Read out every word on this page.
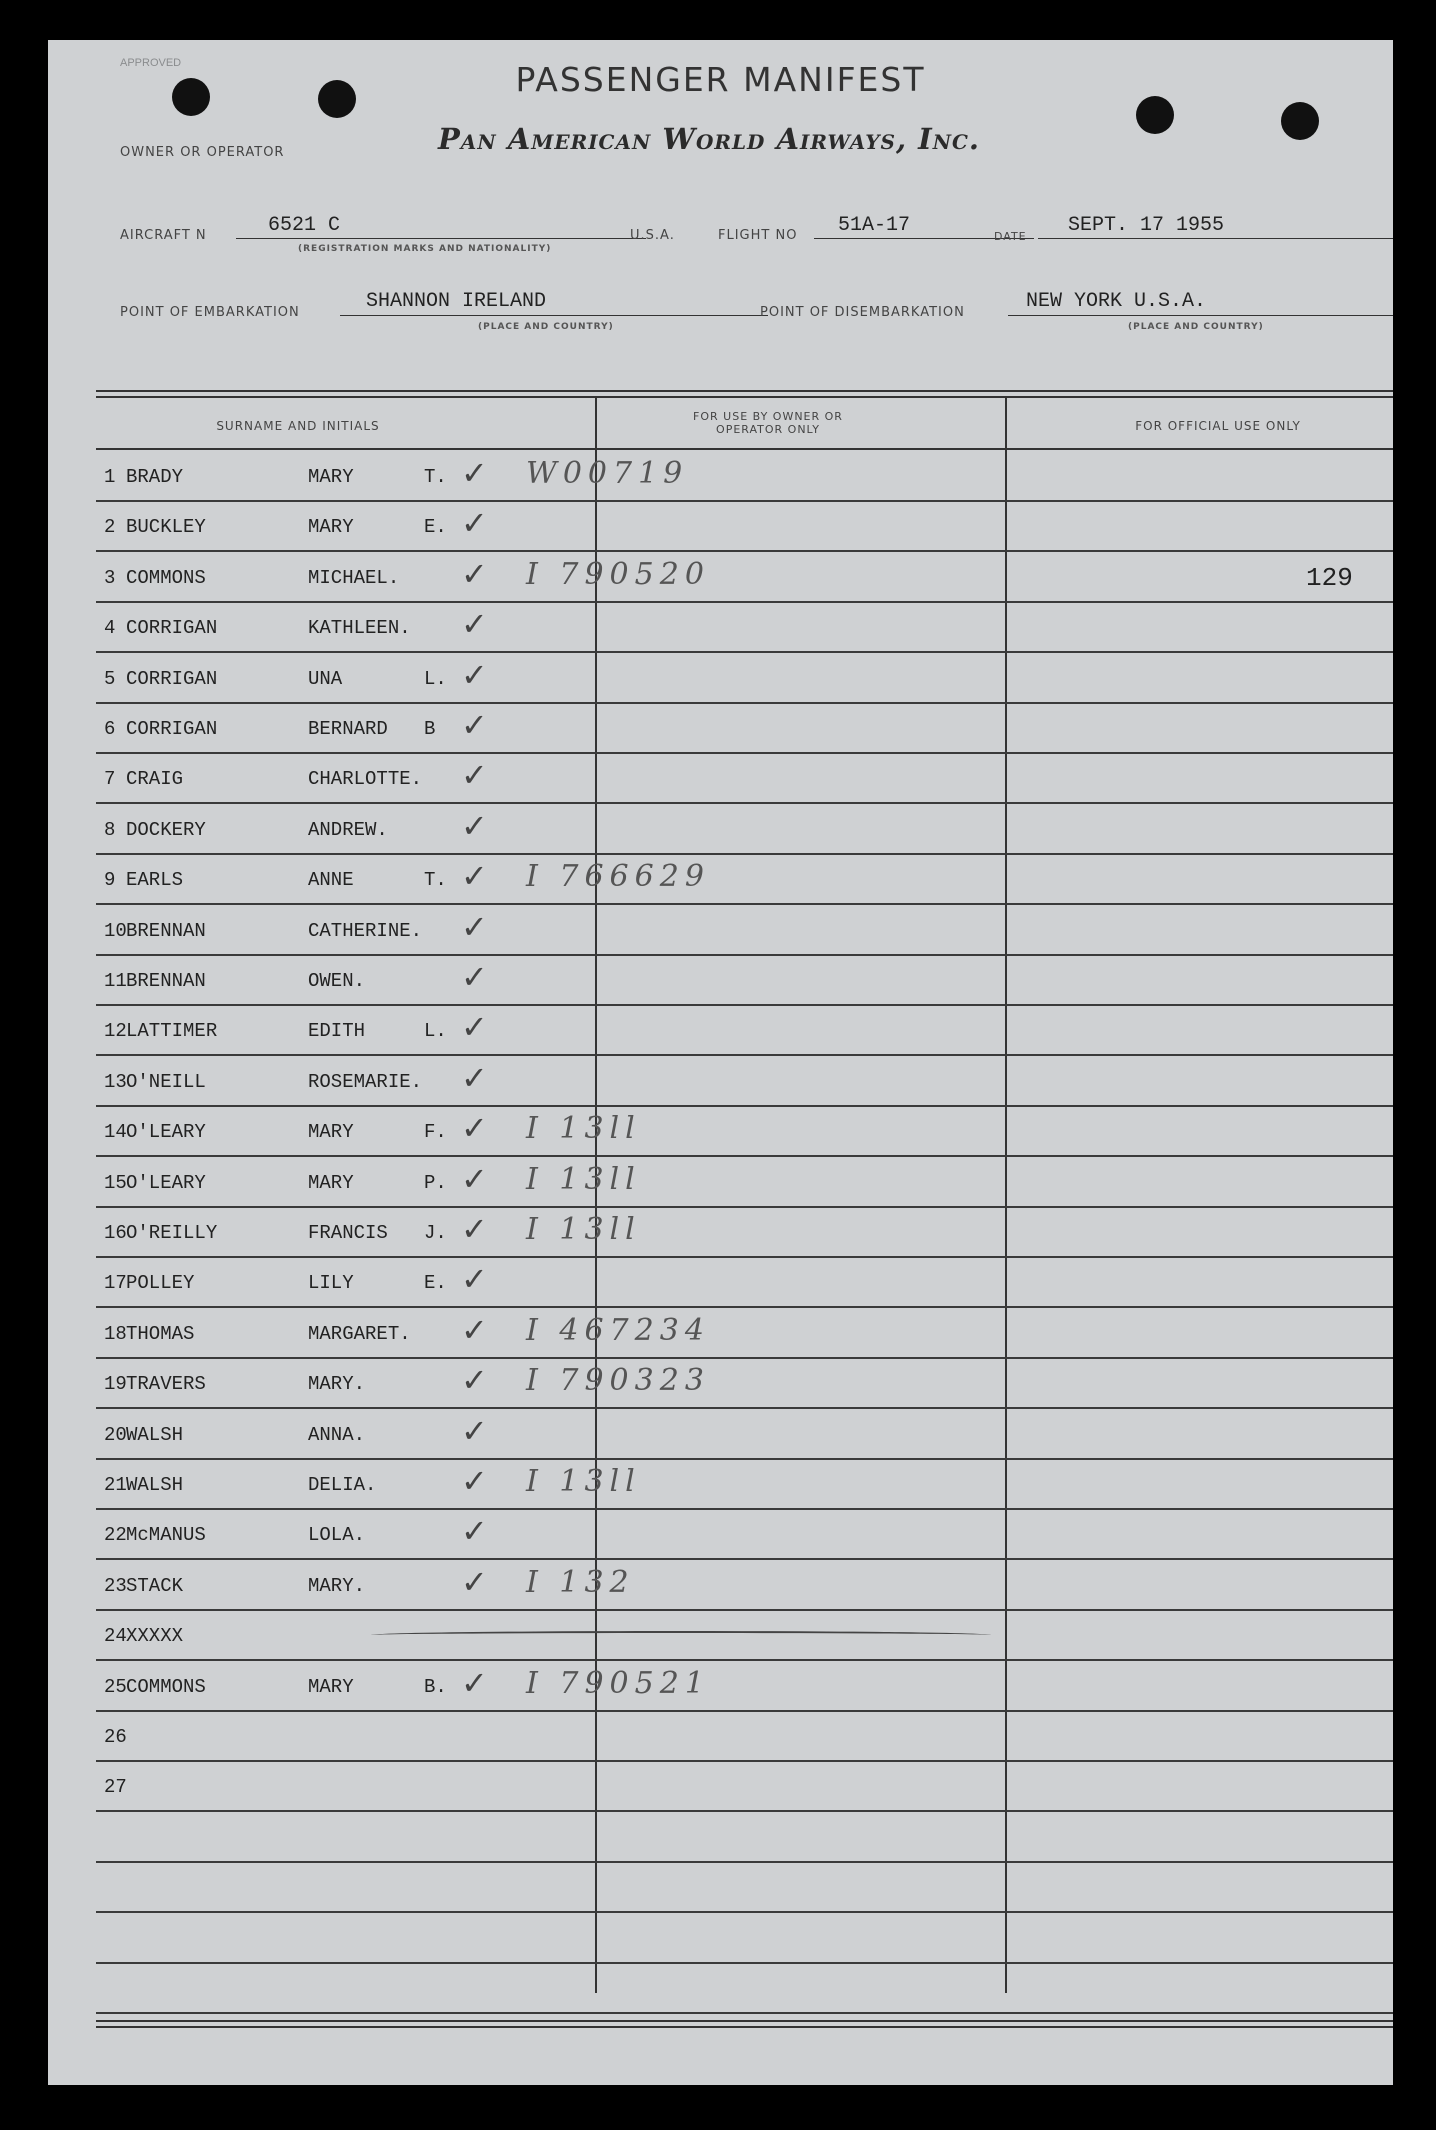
APPROVED	PASSENGER MANIFEST
OWNER OR OPERATOR	Pan American World Airways, Inc.
AIRCRAFT N	6521 C
(REGISTRATION MARKS AND NATIONALITY)
U.S.A.	FLIGHT NO 51A-17	DATE SEPT. 17 1955
POINT OF EMBARKATION	SHANNON IRELAND
(PLACE AND COUNTRY)
POINT OF DISEMBARKATION	NEW YORK U.S.A.
(PLACE AND COUNTRY)
SURNAME AND INITIALS
FOR USE BY OWNER OR OPERATOR ONLY	FOR OFFICIAL USE ONLY
1 BRADY	MARY	T. ✓ W00719
2 BUCKLEY	MARY	E. ✓
3 COMMONS	MICHAEL. ✓ I 790520	129
4 CORRIGAN	KATHLEEN. ✓
5 CORRIGAN	UNA	L. ✓
6 CORRIGAN	BERNARD B ✓
7 CRAIG	CHARLOTTE. ✓
8 DOCKERY	ANDREW. ✓
9 EARLS	ANNE	T. ✓ I 766629
10 BRENNAN	CATHERINE. ✓
11 BRENNAN	OWEN.	✓
12 LATTIMER	EDITH	L. ✓
13 O'NEILL	ROSEMARIE. ✓
14 O'LEARY	MARY	F. ✓ I 13ll
15 O'LEARY	MARY	P. ✓ I 13ll
16 O'REILLY	FRANCIS J. ✓ I 13ll
17 POLLEY	LILY	E. ✓
18 THOMAS	MARGARET. ✓ I 467234
19 TRAVERS	MARY.	✓ I 790323
20 WALSH	ANNA.	✓
21 WALSH	DELIA.	✓ I 13ll
22 McMANUS	LOLA.	✓
23 STACK	MARY.	✓ I 132
24 XXXXX
25 COMMONS	MARY	B. ✓ I 790521
26
27
